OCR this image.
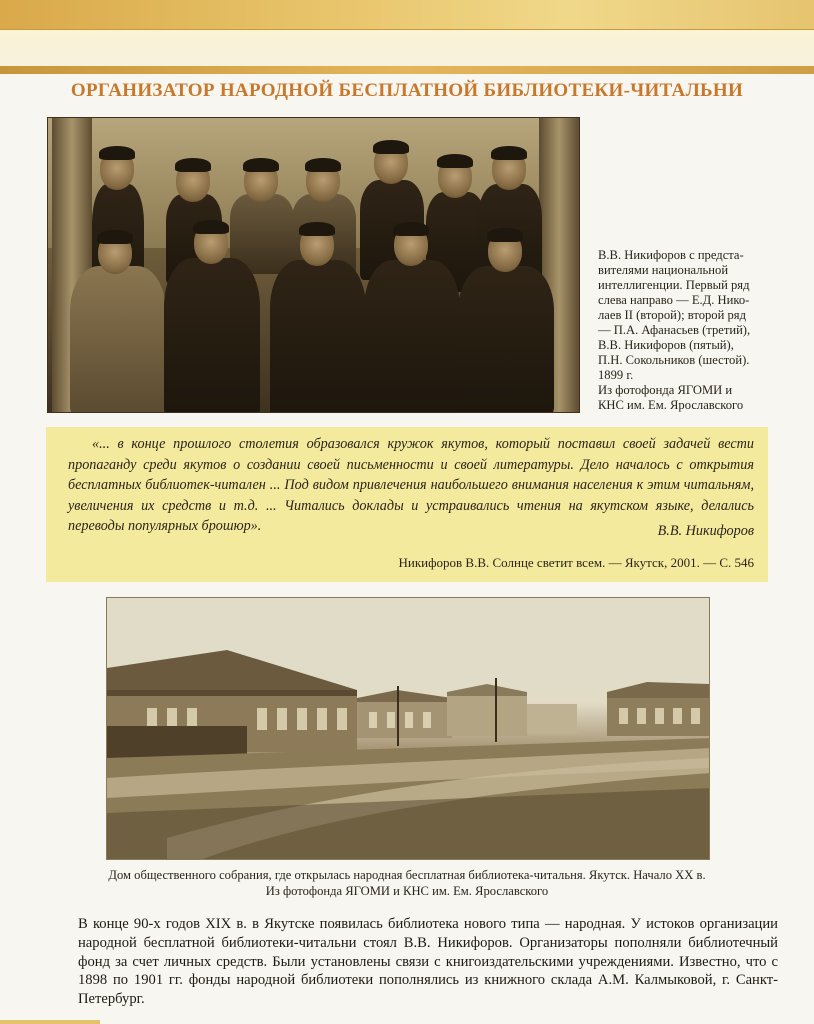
ОРГАНИЗАТОР НАРОДНОЙ БЕСПЛАТНОЙ БИБЛИОТЕКИ-ЧИТАЛЬНИ
В.В. Никифоров с предста-
вителями национальной
интеллигенции. Первый ряд
слева направо — Е.Д. Нико-
лаев II (второй); второй ряд
— П.А. Афанасьев (третий),
В.В. Никифоров (пятый),
П.Н. Сокольников (шестой).
1899 г.
Из фотофонда ЯГОМИ и
КНС им. Ем. Ярославского

«... в конце прошлого столетия образовался кружок якутов, который поставил своей задачей вести пропаганду среди якутов о создании своей письменности и своей литературы. Дело началось с открытия бесплатных библиотек-читален ... Под видом привлечения наибольшего внимания населения к этим читальням, увеличения их средств и т.д. ... Читались доклады и устраивались чтения на якутском языке, делались переводы популярных брошюр».	В.В. Никифоров
Никифоров В.В. Солнце светит всем. — Якутск, 2001. — С. 546
Дом общественного собрания, где открылась народная бесплатная библиотека-читальня. Якутск. Начало XX в.
Из фотофонда ЯГОМИ и КНС им. Ем. Ярославского

В конце 90-х годов XIX в. в Якутске появилась библиотека нового типа — народная. У истоков организации народной бесплатной библиотеки-читальни стоял В.В. Никифоров. Организаторы пополняли библиотечный фонд за счет личных средств. Были установлены связи с книгоиздательскими учреждениями. Известно, что с 1898 по 1901 гг. фонды народной библиотеки пополнялись из книжного склада А.М. Калмыковой, г. Санкт-Петербург.
